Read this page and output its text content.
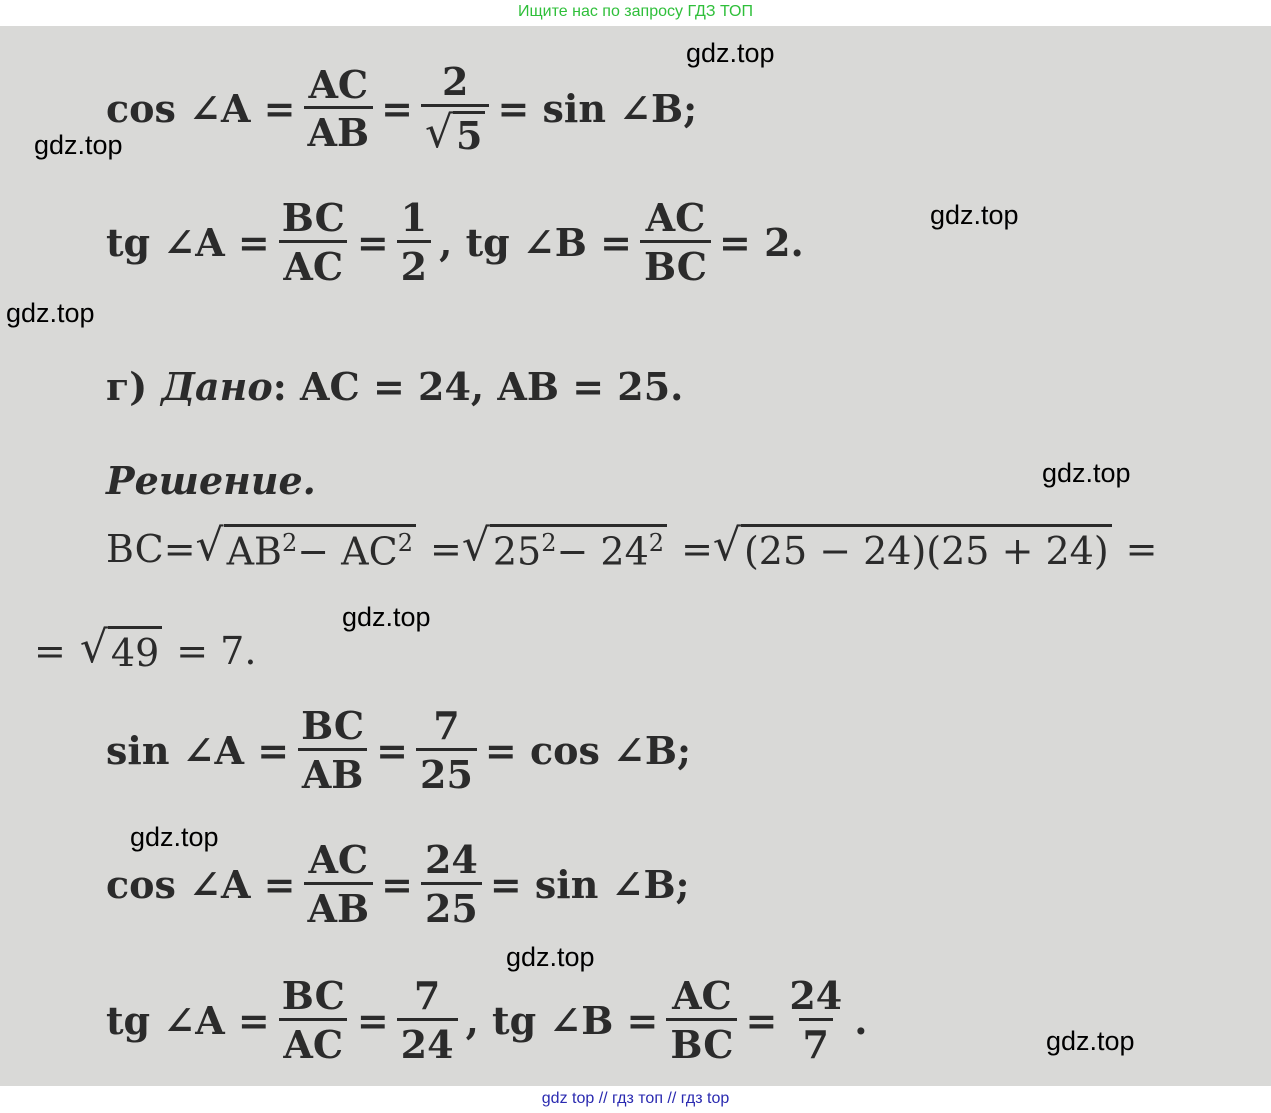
Ищите нас по запросу ГДЗ ТОП
cos ∠A = $\frac{AC}{AB} = \frac{2}{√ 5} = \sin$ ∠B;
tg ∠A = $\frac{BC}{AC} = \frac{1}{2}$ , tg ∠B = $\frac{AC}{BC} = 2$.
г) Дано : AC = 24, AB = 25.
Решение.
BC= √ $AB^2- AC^2$ = √ $25^2- 24^2$ = √ (25 − 24)(25 + 24) =
= √ 49 = 7.
sin ∠A = $\frac{BC}{AB} = \frac{7}{25} = \cos$ ∠B;
cos ∠A = $\frac{AC}{AB} = \frac{24}{25} = \sin$ ∠B;
tg ∠A = $\frac{BC}{AC} = \frac{7}{24}$ , tg ∠B = $\frac{AC}{BC} = \frac{24}{7}$ .
gdz.top
gdz.top
gdz.top
gdz.top
gdz.top
gdz.top
gdz.top
gdz.top
gdz.top
gdz top // гдз топ // гдз top
